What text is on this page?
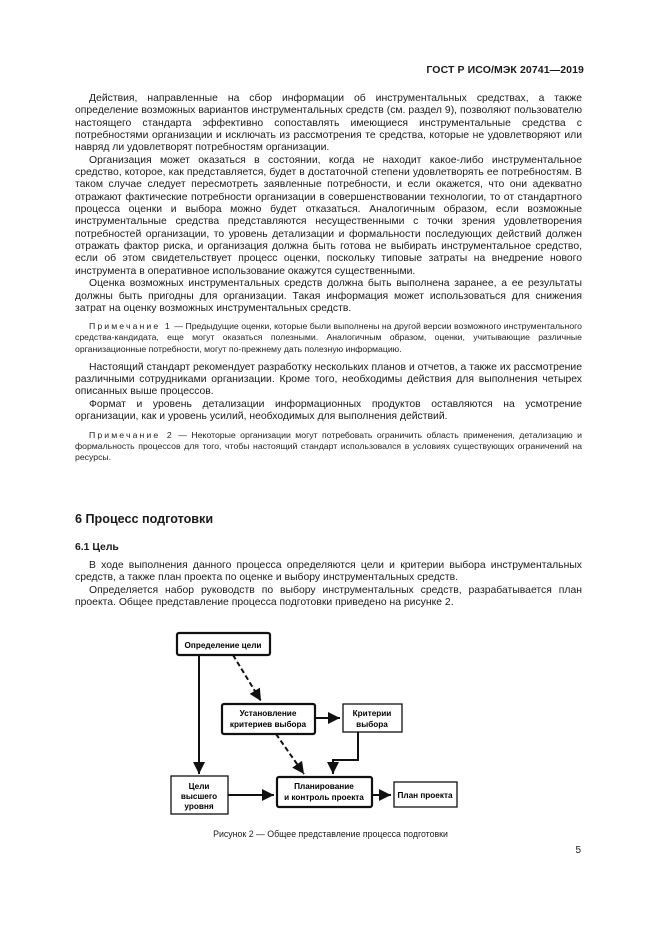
ГОСТ Р ИСО/МЭК 20741—2019

Действия, направленные на сбор информации об инструментальных средствах, а также определение возможных вариантов инструментальных средств (см. раздел 9), позволяют пользователю настоящего стандарта эффективно сопоставлять имеющиеся инструментальные средства с потребностями организации и исключать из рассмотрения те средства, которые не удовлетворяют или навряд ли удовлетворят потребностям организации.

Организация может оказаться в состоянии, когда не находит какое-либо инструментальное средство, которое, как представляется, будет в достаточной степени удовлетворять ее потребностям. В таком случае следует пересмотреть заявленные потребности, и если окажется, что они адекватно отражают фактические потребности организации в совершенствовании технологии, то от стандартного процесса оценки и выбора можно будет отказаться. Аналогичным образом, если возможные инструментальные средства представляются несущественными с точки зрения удовлетворения потребностей организации, то уровень детализации и формальности последующих действий должен отражать фактор риска, и организация должна быть готова не выбирать инструментальное средство, если об этом свидетельствует процесс оценки, поскольку типовые затраты на внедрение нового инструмента в оперативное использование окажутся существенными.

Оценка возможных инструментальных средств должна быть выполнена заранее, а ее результаты должны быть пригодны для организации. Такая информация может использоваться для снижения затрат на оценку возможных инструментальных средств.

Примечание 1 — Предыдущие оценки, которые были выполнены на другой версии возможного инструментального средства-кандидата, еще могут оказаться полезными. Аналогичным образом, оценки, учитывающие различные организационные потребности, могут по-прежнему дать полезную информацию.

Настоящий стандарт рекомендует разработку нескольких планов и отчетов, а также их рассмотрение различными сотрудниками организации. Кроме того, необходимы действия для выполнения четырех описанных выше процессов.

Формат и уровень детализации информационных продуктов оставляются на усмотрение организации, как и уровень усилий, необходимых для выполнения действий.

Примечание 2 — Некоторые организации могут потребовать ограничить область применения, детализацию и формальность процессов для того, чтобы настоящий стандарт использовался в условиях существующих ограничений на ресурсы.

6 Процесс подготовки

6.1 Цель

В ходе выполнения данного процесса определяются цели и критерии выбора инструментальных средств, а также план проекта по оценке и выбору инструментальных средств.

Определяется набор руководств по выбору инструментальных средств, разрабатывается план проекта. Общее представление процесса подготовки приведено на рисунке 2.

Определение цели
Установление
критериев выбора
Критерии
выбора
Цели
высшего
уровня
Планирование
и контроль проекта	План проекта
Рисунок 2 — Общее представление процесса подготовки
5
